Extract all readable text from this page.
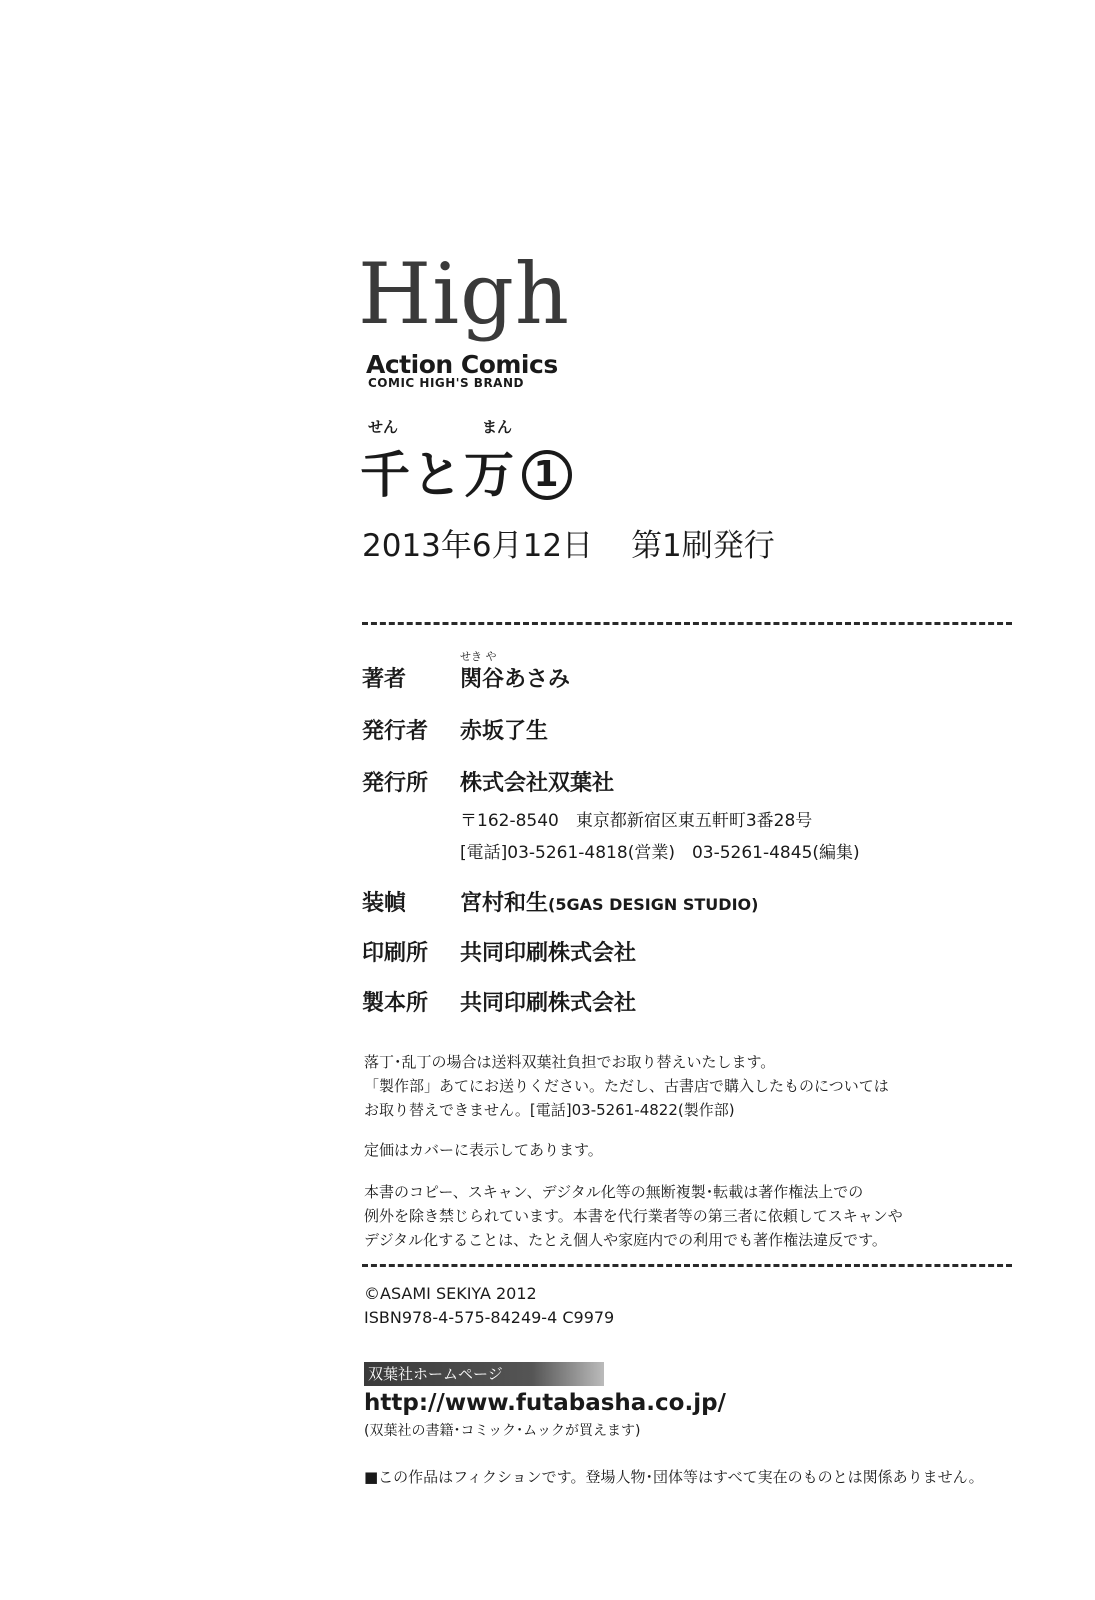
High
Action Comics
COMIC HIGH'S BRAND
せん	まん
千と万 1
2013年6月12日 第1刷発行
せき や
著者 関谷あさみ
発行者 赤坂了生
発行所 株式会社双葉社
〒162-8540　東京都新宿区東五軒町3番28号
[電話]03-5261-4818(営業)　03-5261-4845(編集)
装幀 宮村和生(5GAS DESIGN STUDIO)
印刷所 共同印刷株式会社
製本所 共同印刷株式会社
落丁･乱丁の場合は送料双葉社負担でお取り替えいたします。
「製作部」あてにお送りください。ただし、古書店で購入したものについては
お取り替えできません。[電話]03-5261-4822(製作部)
定価はカバーに表示してあります。
本書のコピー、スキャン、デジタル化等の無断複製･転載は著作権法上での
例外を除き禁じられています。本書を代行業者等の第三者に依頼してスキャンや
デジタル化することは、たとえ個人や家庭内での利用でも著作権法違反です。
©ASAMI SEKIYA 2012
ISBN978-4-575-84249-4 C9979
双葉社ホームページ
http://www.futabasha.co.jp/
(双葉社の書籍･コミック･ムックが買えます)
■この作品はフィクションです。登場人物･団体等はすべて実在のものとは関係ありません。
